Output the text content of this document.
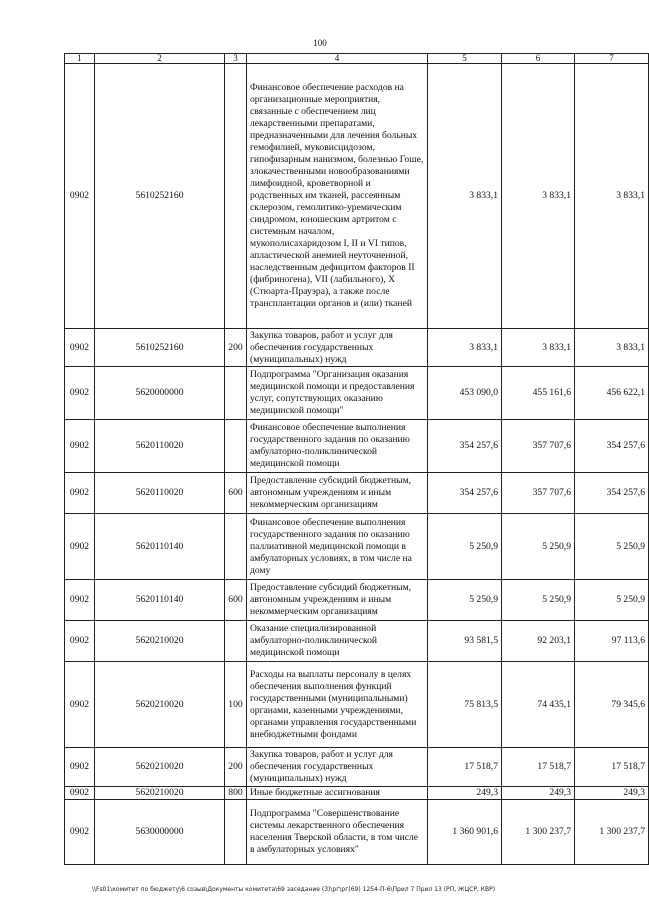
100
1	2	3	4	5	6	7
0902	5610252160		Финансовое обеспечение расходов на организационные мероприятия, связанные с обеспечением лиц лекарственными препаратами, предназначенными для лечения больных гемофилией, муковисцидозом, гипофизарным нанизмом, болезнью Гоше, злокачественными новообразованиями лимфоидной, кроветворной и родственных им тканей, рассеянным склерозом, гемолитико-уремическим синдромом, юношеским артритом с системным началом, мукополисахаридозом I, II и VI типов, апластической анемией неуточненной, наследственным дефицитом факторов II (фибриногена), VII (лабильного), X (Стюарта-Прауэра), а также после трансплантации органов и (или) тканей	3 833,1	3 833,1	3 833,1
0902	5610252160	200	Закупка товаров, работ и услуг для обеспечения государственных (муниципальных) нужд	3 833,1	3 833,1	3 833,1
0902	5620000000		Подпрограмма "Организация оказания медицинской помощи и предоставления услуг, сопутствующих оказанию медицинской помощи"	453 090,0	455 161,6	456 622,1
0902	5620110020		Финансовое обеспечение выполнения государственного задания по оказанию амбулаторно-поликлинической медицинской помощи	354 257,6	357 707,6	354 257,6
0902	5620110020	600	Предоставление субсидий бюджетным, автономным учреждениям и иным некоммерческим организациям	354 257,6	357 707,6	354 257,6
0902	5620110140		Финансовое обеспечение выполнения государственного задания по оказанию паллиативной медицинской помощи в амбулаторных условиях, в том числе на дому	5 250,9	5 250,9	5 250,9
0902	5620110140	600	Предоставление субсидий бюджетным, автономным учреждениям и иным некоммерческим организациям	5 250,9	5 250,9	5 250,9
0902	5620210020		Оказание специализированной амбулаторно-поликлинической медицинской помощи	93 581,5	92 203,1	97 113,6
0902	5620210020	100	Расходы на выплаты персоналу в целях обеспечения выполнения функций государственными (муниципальными) органами, казенными учреждениями, органами управления государственными внебюджетными фондами	75 813,5	74 435,1	79 345,6
0902	5620210020	200	Закупка товаров, работ и услуг для обеспечения государственных (муниципальных) нужд	17 518,7	17 518,7	17 518,7
0902	5620210020	800	Иные бюджетные ассигнования	249,3	249,3	249,3
0902	5630000000		Подпрограмма "Совершенствование системы лекарственного обеспечения населения Тверской области, в том числе в амбулаторных условиях"	1 360 901,6	1 300 237,7	1 300 237,7
\\Fs01\комитет по бюджету\6 созыв\Документы комитета\69 заседание (3)\рг\рг(69) 1254-П-6\Прил 7 Прил 13 (РП, ЖЦСР, КВР)
